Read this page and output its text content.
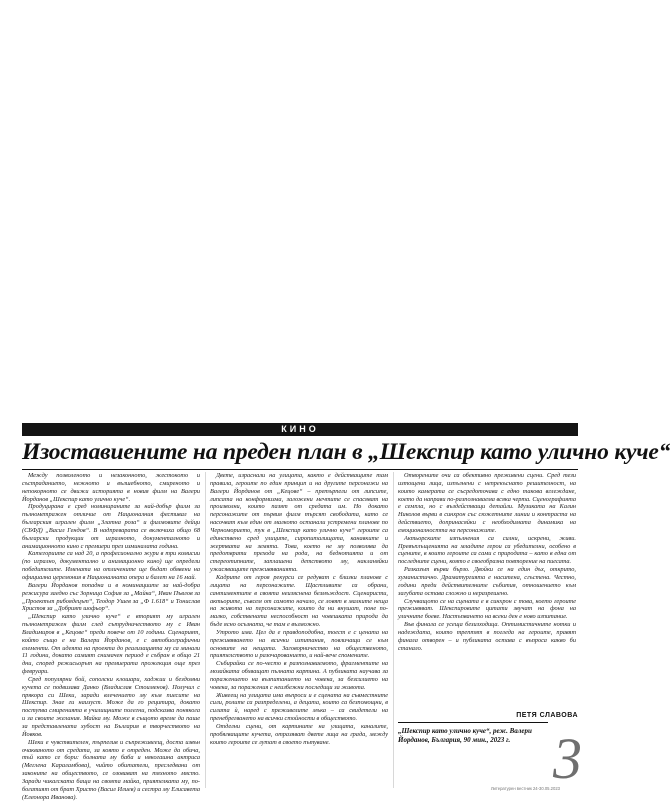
КИНО
Изоставиените на преден план в „Шекспир като улично куче“

Между позволеното и незаконното, жестокото и състраданието, нежното и вълшебното, смиреното и непокорното се движи историята в новия филм на Валери Йорданов „Шекспир като улично куче“.

Продуцирана е сред номинираните за най-добър филм за пълнометражен отличие от Националния фестивал на българския игрален филм „Златна роза“ и филмовите дейци (СБФД) „Васил Гендов“. В надпреварата се включиха общо 68 български продукции от игралното, документалното и анимационното кино с премиери през изминалата година.

Категориите са над 20, а професионално жури в три комисии (по игрално, документално и анимационно кино) ще определи победителите. Имената на отличените ще бъдат обявени на официална церемония в Националната опера и балет на 16 май.

Валери Йорданов попадна и в номинациите за най-добра режисура заедно със Зорница София за „Майка“, Иван Пъвлов за „Проектът рибоядецът“, Теодор Ушев за „Ф 1.618“ и Тонислав Христов за „Добрият шофьор“.

„Шекспир като улично куче“ е вторият му игрален пълнометражен филм след сътрудничеството му с Иван Владимиров в „Кецове“ преди повече от 10 години. Сценарият, който също е на Валери Йорданов, е с автобиографични елементи. От идеята на проекта до реализацията му са минали 11 години, докато самият снимачен период е събран в общо 21 дни, според режисьорът на премиерата прожекция още през февруари.

Сред популярни бой, сополски клошари, хаджии и бездомни кучета се подвизава Данко (Владислав Стоименов). Получил с прякора си Шеки, заради влечението му към пиесите на Шекспир. Знае ги наизуст. Може да го рецитира, докато поступва смиренията в училищните полегни, подсказва понякога и за своите желания. Майка му. Може в същото време да паше за представлената хубост на България в творчеството на Йовков.

Шеки е чувствителен, търпелив и съпреживеещ, доста извън очакваното от средата, за която е отреден. Може да обича, тъй като се бори: болната му баба и някогашна актриса (Меглена Караламбова), чийто обитатели, преследвани от законите на обществото, се озовават на тяхното място. Заради чикагската баща на своята майка, приятелката му, по-богатият от брат Христо (Васил Илиев) и сестра му Елисавета (Елеонора Иванова).

Двете, израснали на улицата, както е действащите там правила, героите по един принцип и на другите персонажи на Валери Йорданов от „Кецове“ – претърпели от липсите, липсата на конформизма, заложени мечтите се спасяват на произволни, които пазят от средата им. Но докато персонажите от първия филм търсят свободата, като се насочват към един от малкото останали устремени планове по Черноморието, тук в „Шекспир като улично куче“ героите са единствено сред улиците, сиропиталищата, канавките и жертвата на земята. Това, което не му позволява да предотврати прехода на рода, на беднотията и от стереотипните, заплашени детството му, накланяйки ужасяващите преживяванията.

Кадрите от героя рекурси се редуват с близки планове с лицата на персонажите. Щастливите са обрани, сантиментите в своята неизяснена безмъждост. Сценаристи, актьорите, съвсем от самото начало, се ловят в малките неща на живота на персонажите, които да ни внушат, поне по-малко, собствената неспособност на човешката природа да бъде ясно осъзната, че там е възможно.

Утрото има. Цел да е правдоподобна, тоест е с цената на преживяването на всички изпитания, повличащи се към основите на нещата. Заговорничество на общественото, приятелството и разочарованието, и най-вече спомените.

Събирайки се по-често в разпознаваемото, фрагментите на мозайката обхващат пълната картина. А публиката научава за поражението на възпитанието на човека, за безсилието на човека, за поражения с неизбежни последици за живота.

Живеещ на улицата има въпроси и е сцената на съвместните сили, ролите са разпределени, а децата, които са безпомощни, в силата ѝ, наред с преживелите мъка – са свидетели на пренебрегването на всички стойности в обществото.

Отделни сцени, от картините на улицата, каналите, пробягващите кучета, отразяват двете лица на града, между които героите се лутат в своето пътуване.

Отворените очи са обективно преживени сцени. Сред тези изтощени лица, изпълнени с непрекъснато решителност, на които камерата се съсредоточава с едно такова вглеждане, което да направи по-разпознаваема всяка черта. Сценографията е семпла, но с въздействащи детайли. Музиката на Калин Николов върви в синхрон със сюжетните линии и контраста на действието, допринасяйки с необходимата динамика на емоционалността на персонажите.

Актьорските изпълнения са силни, искрени, живи. Превъплъщенията на младите герои са убедителни, особено в сцените, в които героите са сами с природата – като в една от последните сцени, която е своеобразна повторение на пиесата.

Разказът върви бързо. Двойки се на един дъх, открито, хуманистично. Драматургията е наситена, сгъстена. Честно, години преди действителните събития, отношението към загубата остава сложно и неразрешено.

Случващото се на сцената е в синхрон с това, което героите преживяват. Шекспировите цитати звучат на фона на уличните боеве. Настъпването на всеки ден е ново изпитание.

Във финала се усеща безизходица. Оптимистичните нотки и надеждата, които трептят в погледа на героите, правят финала отворен – и публиката остава с въпроса какво би станало.

ПЕТЯ СЛАВОВА
„Шекспир като улично куче“, реж. Валери Йорданов, България, 90 мин., 2023 г. 3
Литературен вестник 24-30.05.2023
